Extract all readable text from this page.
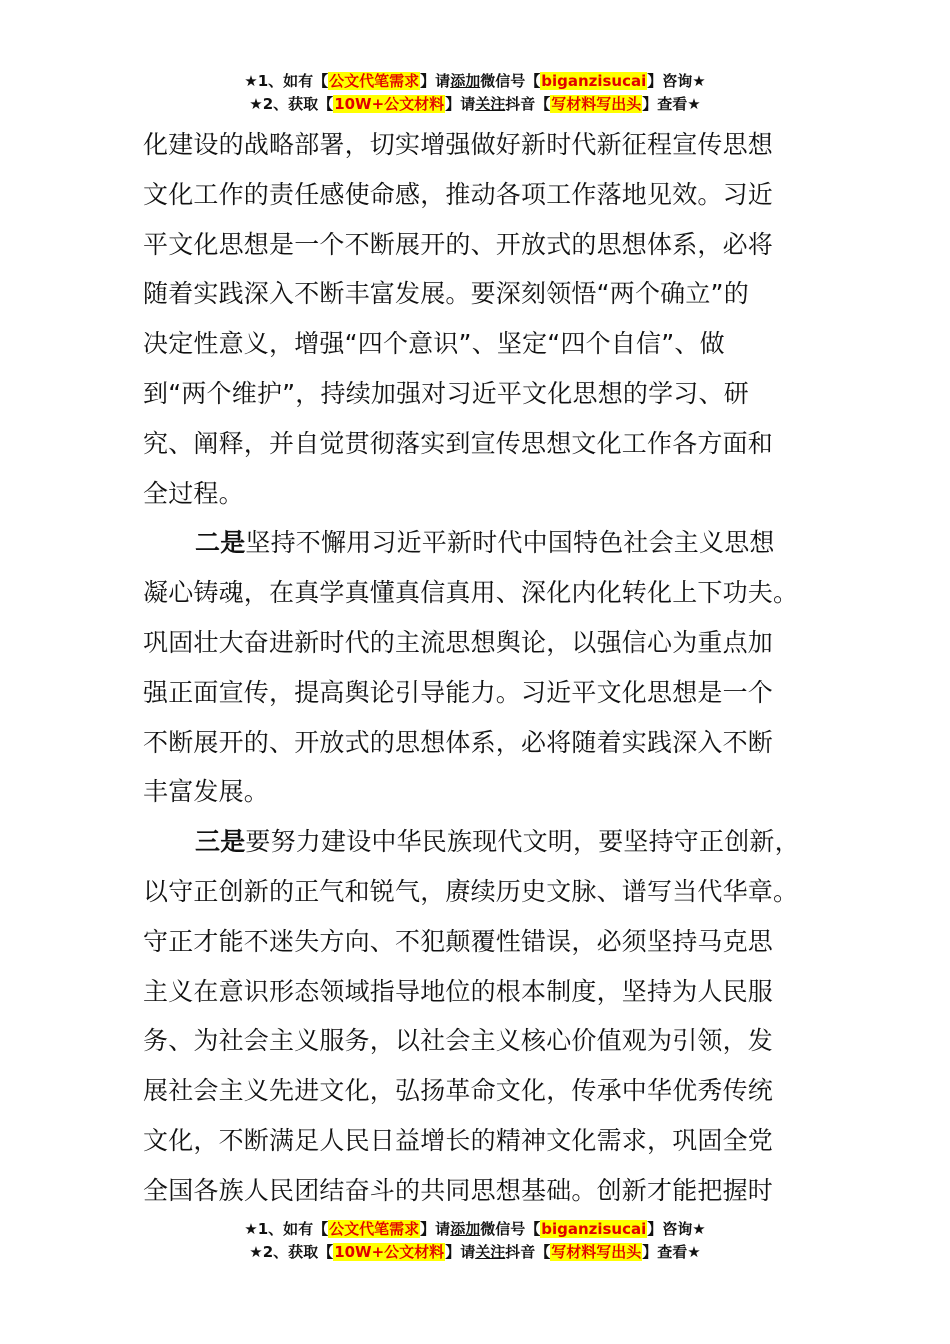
★1、如有【公文代笔需求】请添加微信号【biganzisucai】咨询★
★2、获取【10W+公文材料】请关注抖音【写材料写出头】查看★
化建设的战略部署，切实增强做好新时代新征程宣传思想
文化工作的责任感使命感，推动各项工作落地见效。习近
平文化思想是一个不断展开的、开放式的思想体系，必将
随着实践深入不断丰富发展。要深刻领悟“两个确立”的
决定性意义，增强“四个意识”、坚定“四个自信”、做
到“两个维护”，持续加强对习近平文化思想的学习、研
究、阐释，并自觉贯彻落实到宣传思想文化工作各方面和
全过程。
二是坚持不懈用习近平新时代中国特色社会主义思想
凝心铸魂，在真学真懂真信真用、深化内化转化上下功夫。
巩固壮大奋进新时代的主流思想舆论，以强信心为重点加
强正面宣传，提高舆论引导能力。习近平文化思想是一个
不断展开的、开放式的思想体系，必将随着实践深入不断
丰富发展。
三是要努力建设中华民族现代文明，要坚持守正创新，
以守正创新的正气和锐气，赓续历史文脉、谱写当代华章。
守正才能不迷失方向、不犯颠覆性错误，必须坚持马克思
主义在意识形态领域指导地位的根本制度，坚持为人民服
务、为社会主义服务，以社会主义核心价值观为引领，发
展社会主义先进文化，弘扬革命文化，传承中华优秀传统
文化，不断满足人民日益增长的精神文化需求，巩固全党
全国各族人民团结奋斗的共同思想基础。创新才能把握时
★1、如有【公文代笔需求】请添加微信号【biganzisucai】咨询★
★2、获取【10W+公文材料】请关注抖音【写材料写出头】查看★
